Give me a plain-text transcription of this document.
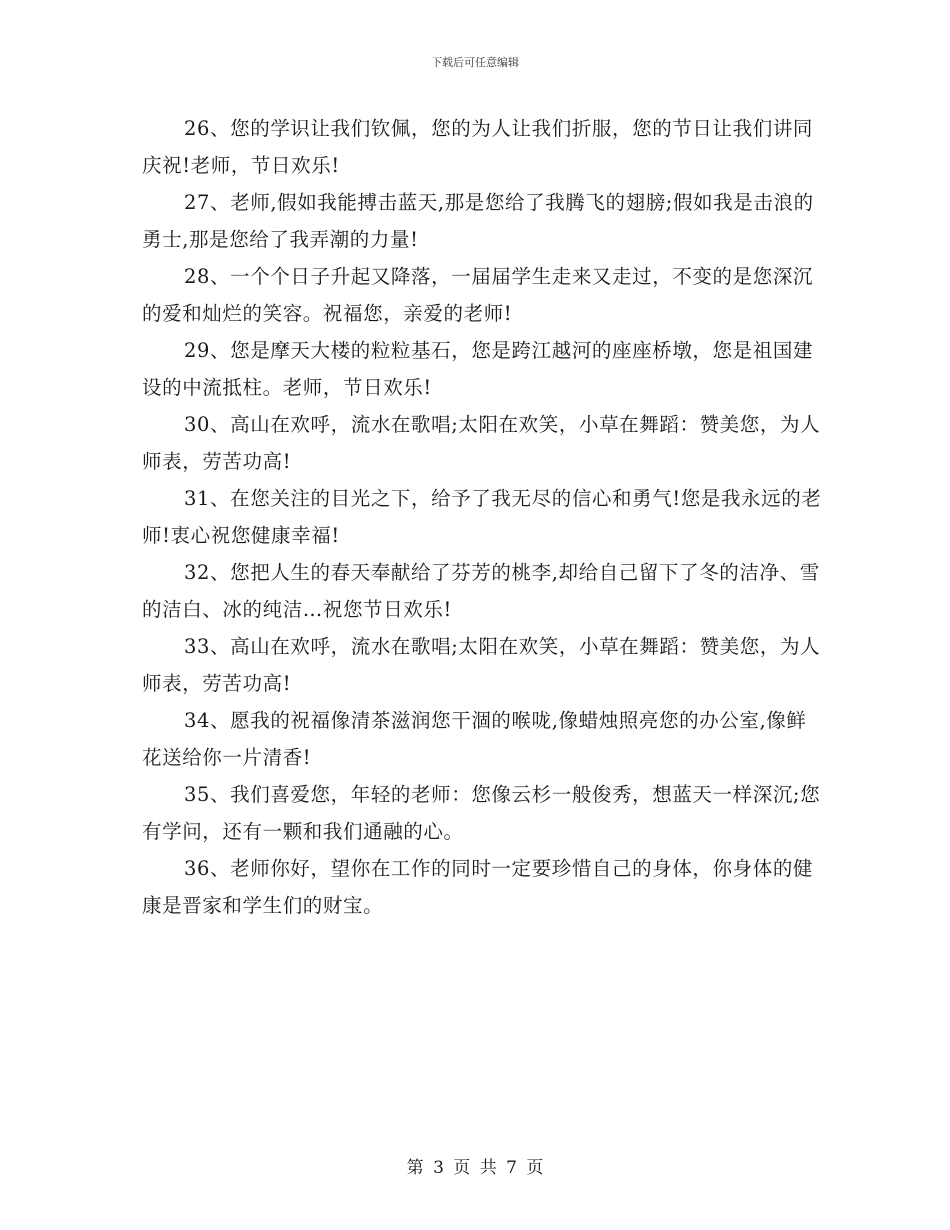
下载后可任意编辑

26、您的学识让我们钦佩，您的为人让我们折服，您的节日让我们讲同庆祝!老师，节日欢乐!

27、老师,假如我能搏击蓝天,那是您给了我腾飞的翅膀;假如我是击浪的勇士,那是您给了我弄潮的力量!

28、一个个日子升起又降落，一届届学生走来又走过，不变的是您深沉的爱和灿烂的笑容。祝福您，亲爱的老师!

29、您是摩天大楼的粒粒基石，您是跨江越河的座座桥墩，您是祖国建设的中流抵柱。老师，节日欢乐!

30、高山在欢呼，流水在歌唱;太阳在欢笑，小草在舞蹈：赞美您，为人师表，劳苦功高!

31、在您关注的目光之下，给予了我无尽的信心和勇气!您是我永远的老师!衷心祝您健康幸福!

32、您把人生的春天奉献给了芬芳的桃李,却给自己留下了冬的洁净、雪的洁白、冰的纯洁…祝您节日欢乐!

33、高山在欢呼，流水在歌唱;太阳在欢笑，小草在舞蹈：赞美您，为人师表，劳苦功高!

34、愿我的祝福像清茶滋润您干涸的喉咙,像蜡烛照亮您的办公室,像鲜花送给你一片清香!

35、我们喜爱您，年轻的老师：您像云杉一般俊秀，想蓝天一样深沉;您有学问，还有一颗和我们通融的心。

36、老师你好，望你在工作的同时一定要珍惜自己的身体，你身体的健康是晋家和学生们的财宝。

第 3 页 共 7 页
